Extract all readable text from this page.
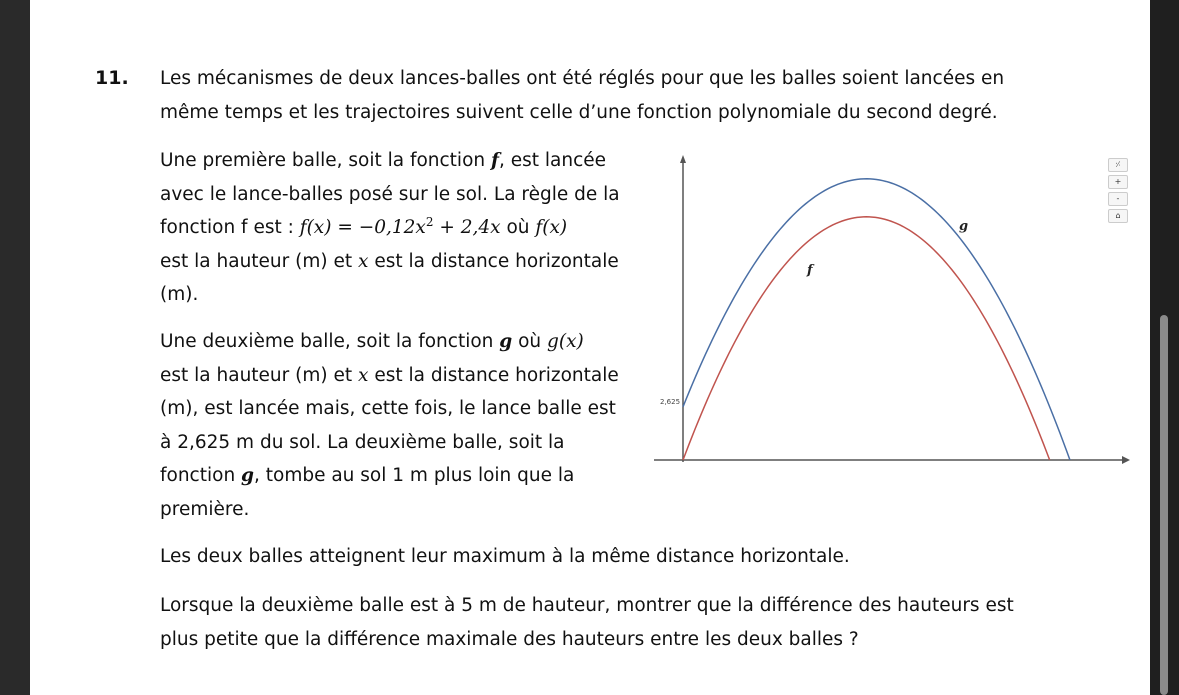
11. Les mécanismes de deux lances-balles ont été réglés pour que les balles soient lancées en
même temps et les trajectoires suivent celle d’une fonction polynomiale du second degré.
Une première balle, soit la fonction f, est lancée
avec le lance-balles posé sur le sol. La règle de la
fonction f est : $f(x) = -0,12x^2 + 2,4x$ où f(x)
est la hauteur (m) et x est la distance horizontale
(m).
Une deuxième balle, soit la fonction g où g(x)
est la hauteur (m) et x est la distance horizontale
(m), est lancée mais, cette fois, le lance balle est
à 2,625 m du sol. La deuxième balle, soit la
fonction g, tombe au sol 1 m plus loin que la
première.
Les deux balles atteignent leur maximum à la même distance horizontale.
Lorsque la deuxième balle est à 5 m de hauteur, montrer que la différence des hauteurs est
plus petite que la différence maximale des hauteurs entre les deux balles ?
g
f
2,625
⸓
+
-
⌂
